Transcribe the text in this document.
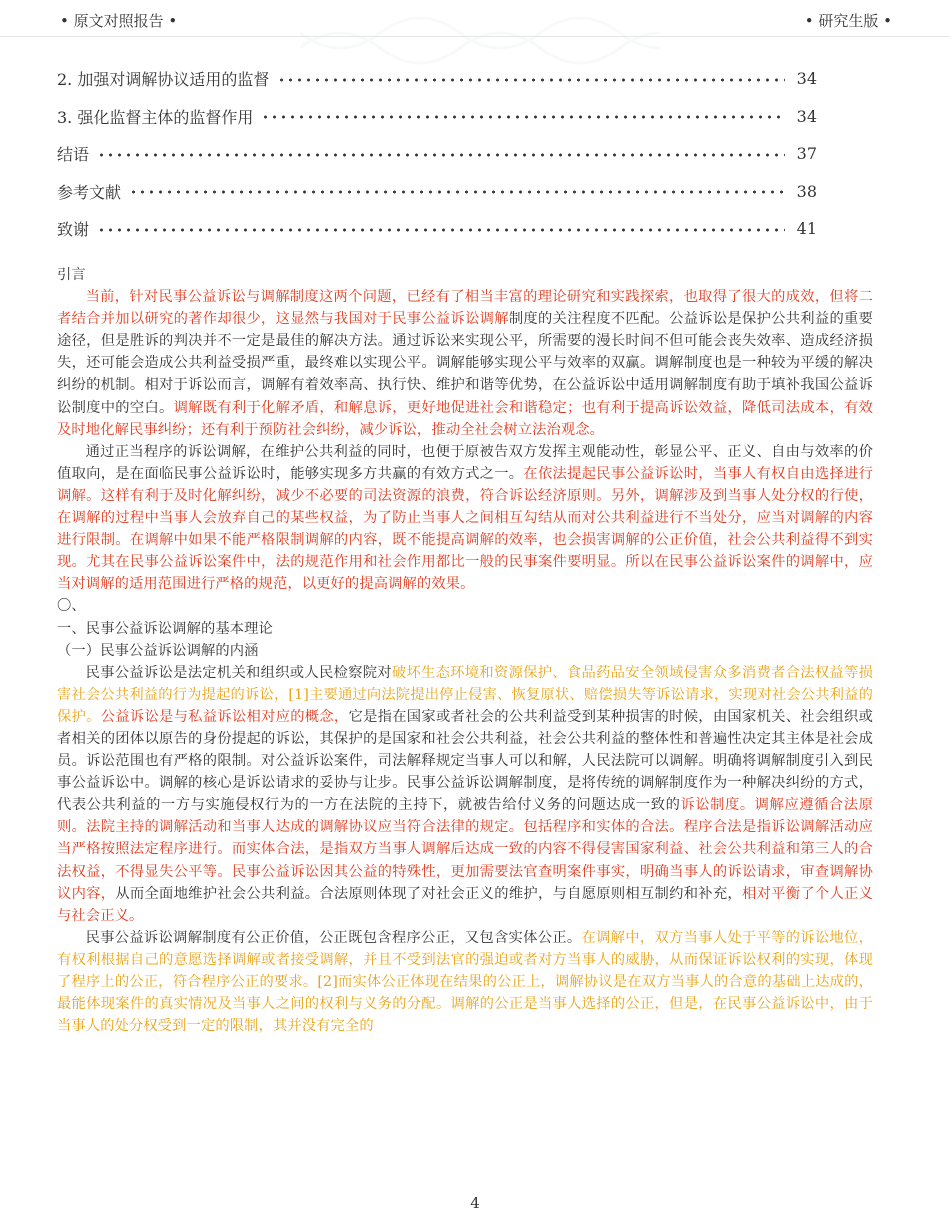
• 原文对照报告 •	• 研究生版 •
2. 加强对调解协议适用的监督	34
3. 强化监督主体的监督作用	34
结语	37
参考文献	38
致谢	41

引言

当前，针对民事公益诉讼与调解制度这两个问题，已经有了相当丰富的理论研究和实践探索，也取得了很大的成效，但将二者结合并加以研究的著作却很少，这显然与我国对于民事公益诉讼调解制度的关注程度不匹配。公益诉讼是保护公共利益的重要途径，但是胜诉的判决并不一定是最佳的解决方法。通过诉讼来实现公平，所需要的漫长时间不但可能会丧失效率、造成经济损失，还可能会造成公共利益受损严重，最终难以实现公平。调解能够实现公平与效率的双赢。调解制度也是一种较为平缓的解决纠纷的机制。相对于诉讼而言，调解有着效率高、执行快、维护和谐等优势，在公益诉讼中适用调解制度有助于填补我国公益诉讼制度中的空白。调解既有利于化解矛盾，和解息诉，更好地促进社会和谐稳定；也有利于提高诉讼效益，降低司法成本，有效及时地化解民事纠纷；还有利于预防社会纠纷，减少诉讼，推动全社会树立法治观念。

通过正当程序的诉讼调解，在维护公共利益的同时，也便于原被告双方发挥主观能动性，彰显公平、正义、自由与效率的价值取向，是在面临民事公益诉讼时，能够实现多方共赢的有效方式之一。在依法提起民事公益诉讼时，当事人有权自由选择进行调解。这样有利于及时化解纠纷，减少不必要的司法资源的浪费，符合诉讼经济原则。另外，调解涉及到当事人处分权的行使，在调解的过程中当事人会放弃自己的某些权益，为了防止当事人之间相互勾结从而对公共利益进行不当处分，应当对调解的内容进行限制。在调解中如果不能严格限制调解的内容，既不能提高调解的效率，也会损害调解的公正价值，社会公共利益得不到实现。尤其在民事公益诉讼案件中，法的规范作用和社会作用都比一般的民事案件要明显。所以在民事公益诉讼案件的调解中，应当对调解的适用范围进行严格的规范，以更好的提高调解的效果。

〇、

一、民事公益诉讼调解的基本理论

（一）民事公益诉讼调解的内涵

民事公益诉讼是法定机关和组织或人民检察院对破坏生态环境和资源保护、食品药品安全领域侵害众多消费者合法权益等损害社会公共利益的行为提起的诉讼，[1]主要通过向法院提出停止侵害、恢复原状、赔偿损失等诉讼请求，实现对社会公共利益的保护。公益诉讼是与私益诉讼相对应的概念，它是指在国家或者社会的公共利益受到某种损害的时候，由国家机关、社会组织或者相关的团体以原告的身份提起的诉讼，其保护的是国家和社会公共利益，社会公共利益的整体性和普遍性决定其主体是社会成员。诉讼范围也有严格的限制。对公益诉讼案件，司法解释规定当事人可以和解，人民法院可以调解。明确将调解制度引入到民事公益诉讼中。调解的核心是诉讼请求的妥协与让步。民事公益诉讼调解制度，是将传统的调解制度作为一种解决纠纷的方式，代表公共利益的一方与实施侵权行为的一方在法院的主持下，就被告给付义务的问题达成一致的诉讼制度。调解应遵循合法原则。法院主持的调解活动和当事人达成的调解协议应当符合法律的规定。包括程序和实体的合法。程序合法是指诉讼调解活动应当严格按照法定程序进行。而实体合法，是指双方当事人调解后达成一致的内容不得侵害国家利益、社会公共利益和第三人的合法权益，不得显失公平等。民事公益诉讼因其公益的特殊性，更加需要法官查明案件事实，明确当事人的诉讼请求，审查调解协议内容，从而全面地维护社会公共利益。合法原则体现了对社会正义的维护，与自愿原则相互制约和补充，相对平衡了个人正义与社会正义。

民事公益诉讼调解制度有公正价值，公正既包含程序公正，又包含实体公正。在调解中，双方当事人处于平等的诉讼地位，有权利根据自己的意愿选择调解或者接受调解，并且不受到法官的强迫或者对方当事人的威胁，从而保证诉讼权利的实现，体现了程序上的公正，符合程序公正的要求。[2]而实体公正体现在结果的公正上，调解协议是在双方当事人的合意的基础上达成的，最能体现案件的真实情况及当事人之间的权利与义务的分配。调解的公正是当事人选择的公正，但是，在民事公益诉讼中，由于当事人的处分权受到一定的限制，其并没有完全的

4
